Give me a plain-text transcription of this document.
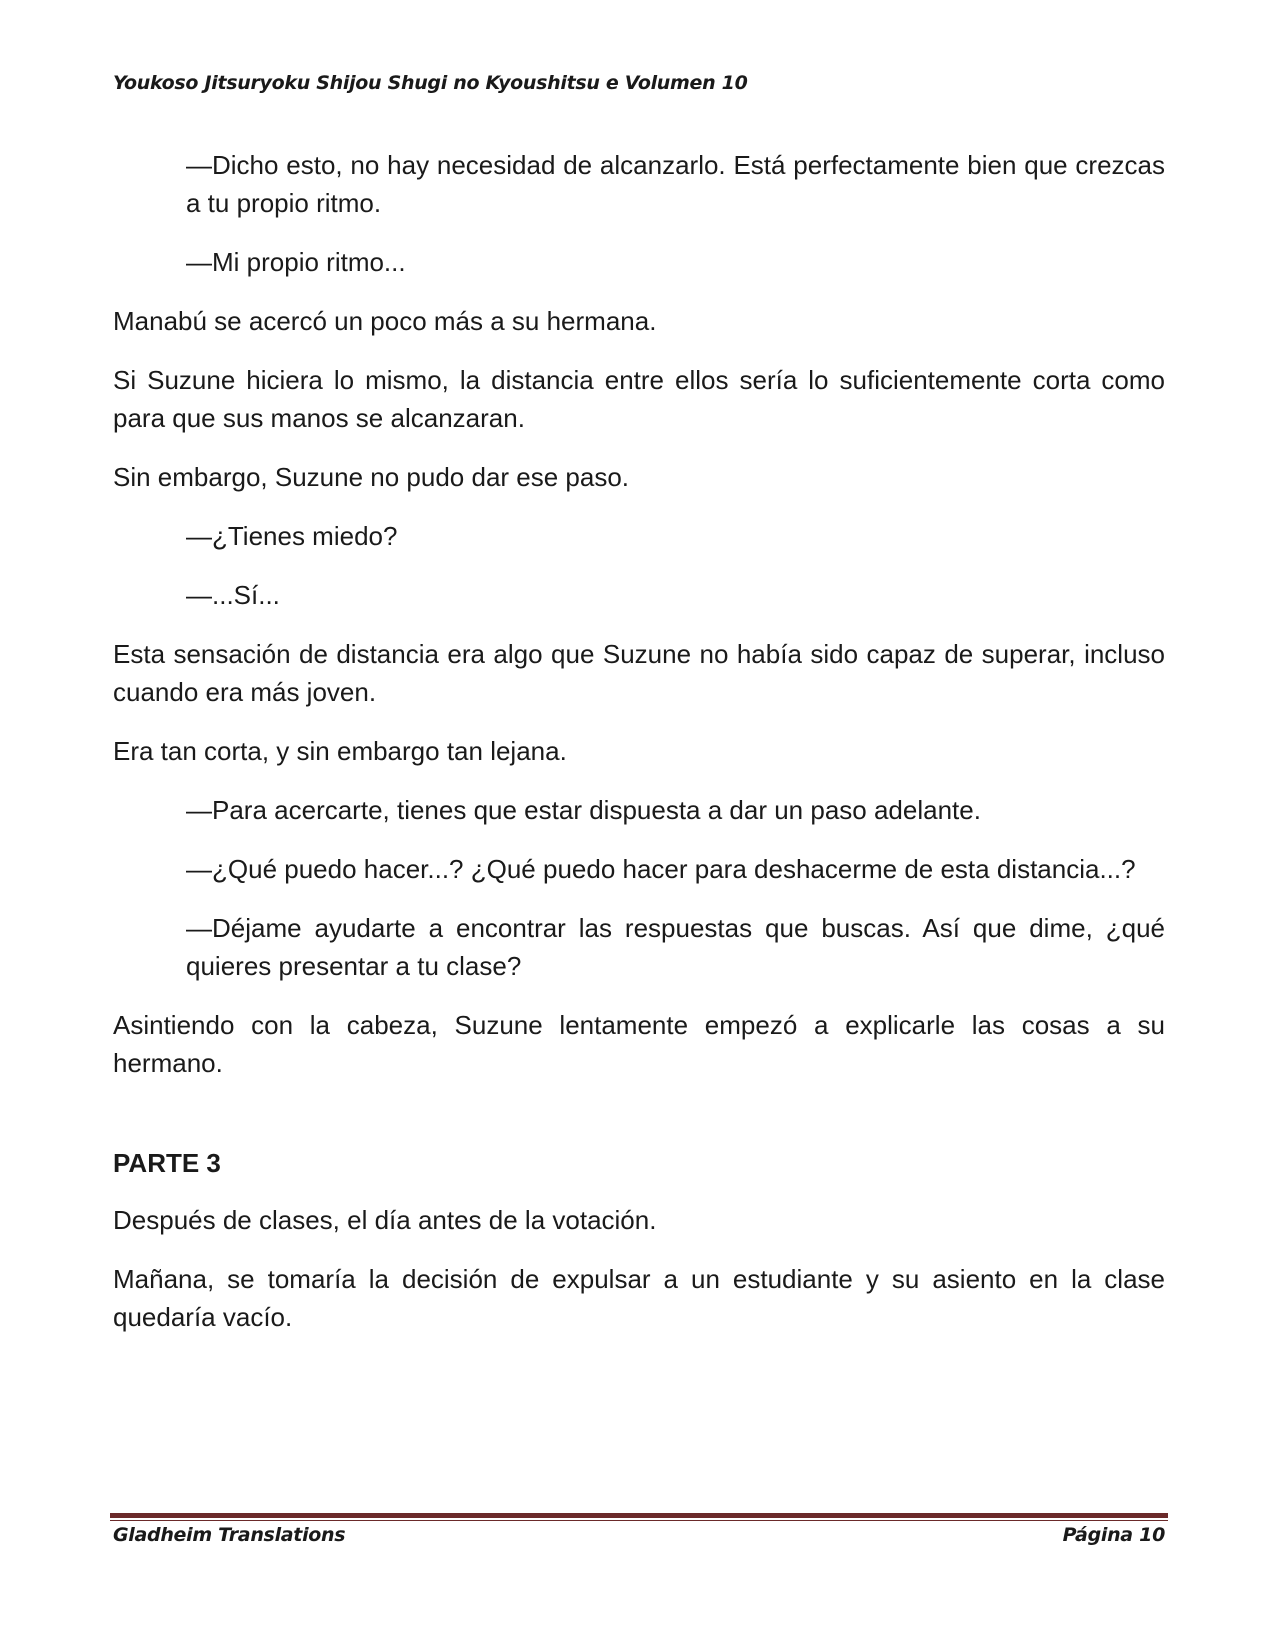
Youkoso Jitsuryoku Shijou Shugi no Kyoushitsu e Volumen 10

—Dicho esto, no hay necesidad de alcanzarlo. Está perfectamente bien que crezcas a tu propio ritmo.

—Mi propio ritmo...

Manabú se acercó un poco más a su hermana.

Si Suzune hiciera lo mismo, la distancia entre ellos sería lo suficientemente corta como para que sus manos se alcanzaran.

Sin embargo, Suzune no pudo dar ese paso.

—¿Tienes miedo?

—...Sí...

Esta sensación de distancia era algo que Suzune no había sido capaz de superar, incluso cuando era más joven.

Era tan corta, y sin embargo tan lejana.

—Para acercarte, tienes que estar dispuesta a dar un paso adelante.

—¿Qué puedo hacer...? ¿Qué puedo hacer para deshacerme de esta distancia...?

—Déjame ayudarte a encontrar las respuestas que buscas. Así que dime, ¿qué quieres presentar a tu clase?

Asintiendo con la cabeza, Suzune lentamente empezó a explicarle las cosas a su hermano.

PARTE 3

Después de clases, el día antes de la votación.

Mañana, se tomaría la decisión de expulsar a un estudiante y su asiento en la clase quedaría vacío.

Gladheim Translations	Página 10
